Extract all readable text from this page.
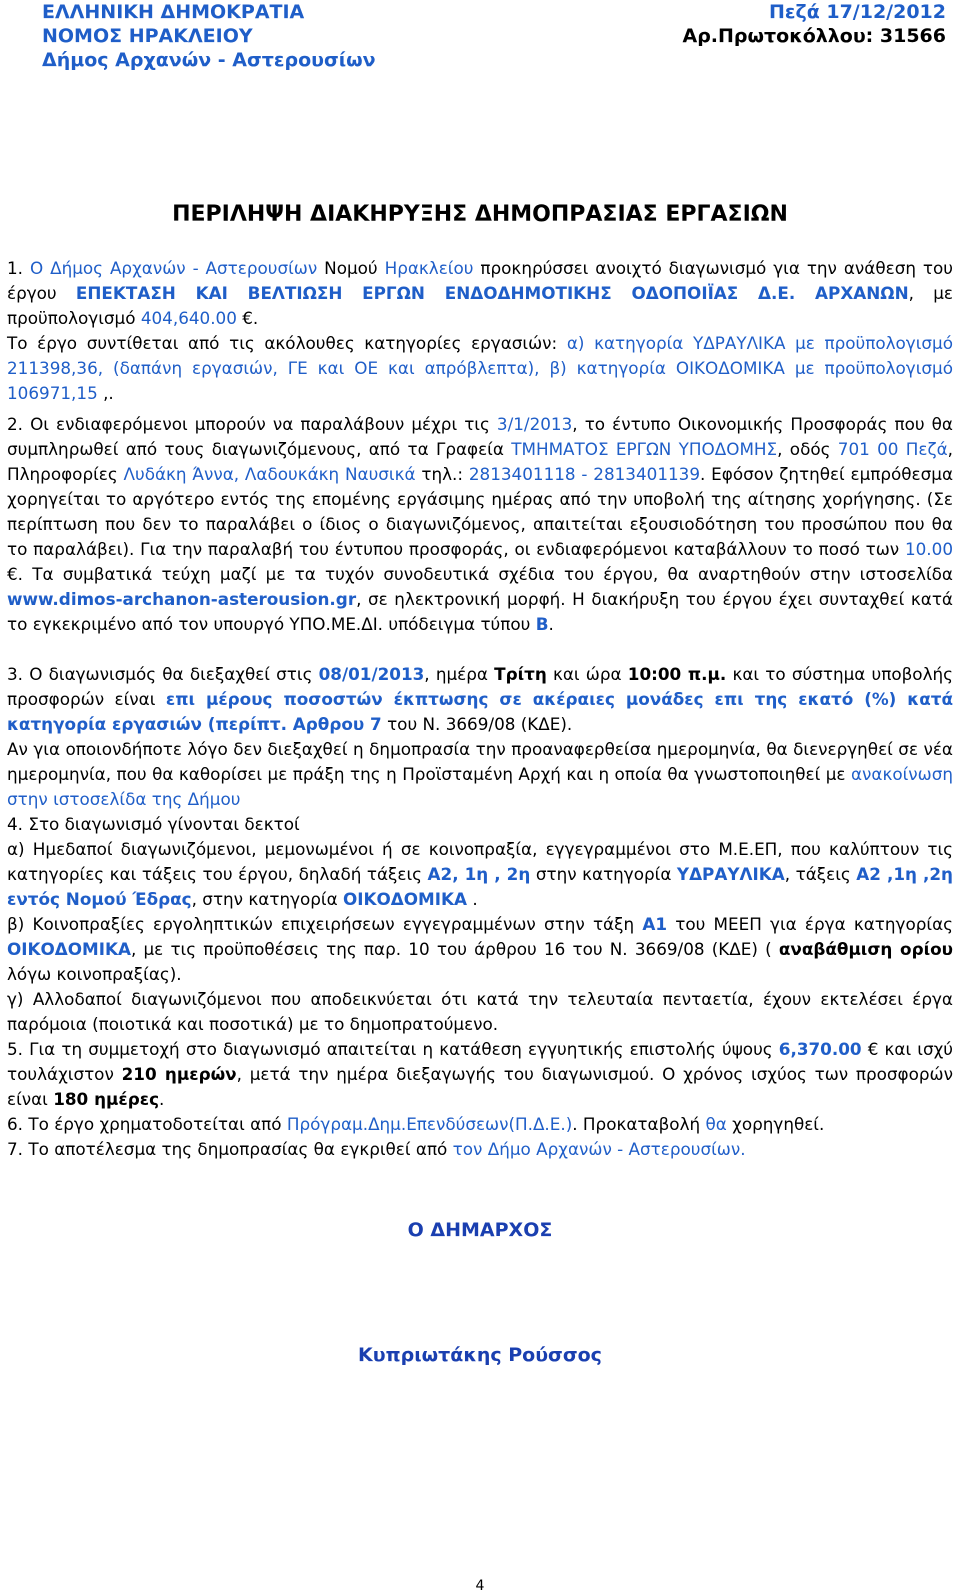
ΕΛΛΗΝΙΚΗ ΔΗΜΟΚΡΑΤΙΑ
ΝΟΜΟΣ ΗΡΑΚΛΕΙΟΥ
Δήμος Αρχανών - Αστερουσίων
Πεζά 17/12/2012
Αρ.Πρωτοκόλλου: 31566
ΠΕΡΙΛΗΨΗ ΔΙΑΚΗΡΥΞΗΣ ΔΗΜΟΠΡΑΣΙΑΣ ΕΡΓΑΣΙΩΝ

1. Ο Δήμος Αρχανών - Αστερουσίων Νομού Ηρακλείου προκηρύσσει ανοιχτό διαγωνισμό για την ανάθεση του έργου ΕΠΕΚΤΑΣΗ ΚΑΙ ΒΕΛΤΙΩΣΗ ΕΡΓΩΝ ΕΝΔΟΔΗΜΟΤΙΚΗΣ ΟΔΟΠΟΙΪΑΣ Δ.Ε. ΑΡΧΑΝΩΝ, με προϋπολογισμό 404,640.00 €.

Το έργο συντίθεται από τις ακόλουθες κατηγορίες εργασιών: α) κατηγορία ΥΔΡΑΥΛΙΚΑ με προϋπολογισμό 211398,36, (δαπάνη εργασιών, ΓΕ και ΟΕ και απρόβλεπτα), β) κατηγορία ΟΙΚΟΔΟΜΙΚΑ με προϋπολογισμό 106971,15 ,.

2. Οι ενδιαφερόμενοι μπορούν να παραλάβουν μέχρι τις 3/1/2013, το έντυπο Οικονομικής Προσφοράς που θα συμπληρωθεί από τους διαγωνιζόμενους, από τα Γραφεία ΤΜΗΜΑΤΟΣ ΕΡΓΩΝ ΥΠΟΔΟΜΗΣ, οδός 701 00 Πεζά, Πληροφορίες Λυδάκη Άννα, Λαδουκάκη Ναυσικά τηλ.: 2813401118 - 2813401139. Εφόσον ζητηθεί εμπρόθεσμα χορηγείται το αργότερο εντός της επομένης εργάσιμης ημέρας από την υποβολή της αίτησης χορήγησης. (Σε περίπτωση που δεν το παραλάβει ο ίδιος ο διαγωνιζόμενος, απαιτείται εξουσιοδότηση του προσώπου που θα το παραλάβει). Για την παραλαβή του έντυπου προσφοράς, οι ενδιαφερόμενοι καταβάλλουν το ποσό των 10.00 €. Τα συμβατικά τεύχη μαζί με τα τυχόν συνοδευτικά σχέδια του έργου, θα αναρτηθούν στην ιστοσελίδα www.dimos-archanon-asterousion.gr, σε ηλεκτρονική μορφή. Η διακήρυξη του έργου έχει συνταχθεί κατά το εγκεκριμένο από τον υπουργό ΥΠΟ.ΜΕ.ΔΙ. υπόδειγμα τύπου Β.

3. Ο διαγωνισμός θα διεξαχθεί στις 08/01/2013, ημέρα Τρίτη και ώρα 10:00 π.μ. και το σύστημα υποβολής προσφορών είναι επι μέρους ποσοστών έκπτωσης σε ακέραιες μονάδες επι της εκατό (%) κατά κατηγορία εργασιών (περίπτ. Αρθρου 7 του Ν. 3669/08 (ΚΔΕ).

Αν για οποιονδήποτε λόγο δεν διεξαχθεί η δημοπρασία την προαναφερθείσα ημερομηνία, θα διενεργηθεί σε νέα ημερομηνία, που θα καθορίσει με πράξη της η Προϊσταμένη Αρχή και η οποία θα γνωστοποιηθεί με ανακοίνωση στην ιστοσελίδα της Δήμου

4. Στο διαγωνισμό γίνονται δεκτοί

α) Ημεδαποί διαγωνιζόμενοι, μεμονωμένοι ή σε κοινοπραξία, εγγεγραμμένοι στο Μ.Ε.ΕΠ, που καλύπτουν τις κατηγορίες και τάξεις του έργου, δηλαδή τάξεις Α2, 1η , 2η στην κατηγορία ΥΔΡΑΥΛΙΚΑ, τάξεις Α2 ,1η ,2η εντός Νομού Έδρας, στην κατηγορία ΟΙΚΟΔΟΜΙΚΑ .

β) Κοινοπραξίες εργοληπτικών επιχειρήσεων εγγεγραμμένων στην τάξη Α1 του ΜΕΕΠ για έργα κατηγορίας ΟΙΚΟΔΟΜΙΚΑ, με τις προϋποθέσεις της παρ. 10 του άρθρου 16 του Ν. 3669/08 (ΚΔΕ) ( αναβάθμιση ορίου λόγω κοινοπραξίας).

γ) Αλλοδαποί διαγωνιζόμενοι που αποδεικνύεται ότι κατά την τελευταία πενταετία, έχουν εκτελέσει έργα παρόμοια (ποιοτικά και ποσοτικά) με το δημοπρατούμενο.

5. Για τη συμμετοχή στο διαγωνισμό απαιτείται η κατάθεση εγγυητικής επιστολής ύψους 6,370.00 € και ισχύ τουλάχιστον 210 ημερών, μετά την ημέρα διεξαγωγής του διαγωνισμού. Ο χρόνος ισχύος των προσφορών είναι 180 ημέρες.

6. Το έργο χρηματοδοτείται από Πρόγραμ.Δημ.Επενδύσεων(Π.Δ.Ε.). Προκαταβολή θα χορηγηθεί.

7. Το αποτέλεσμα της δημοπρασίας θα εγκριθεί από τον Δήμο Αρχανών - Αστερουσίων.

Ο ΔΗΜΑΡΧΟΣ
Κυπριωτάκης Ρούσσος
4
